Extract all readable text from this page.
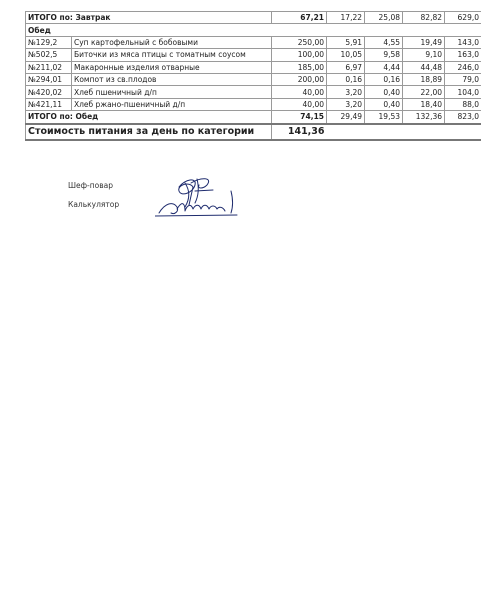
ИТОГО по: Завтрак		67,21	17,22	25,08	82,82	629,0
Обед						
№129,2	Суп картофельный с бобовыми	250,00	5,91	4,55	19,49	143,0
№502,5	Биточки из мяса птицы с томатным соусом	100,00	10,05	9,58	9,10	163,0
№211,02	Макаронные изделия отварные	185,00	6,97	4,44	44,48	246,0
№294,01	Компот из св.плодов	200,00	0,16	0,16	18,89	79,0
№420,02	Хлеб пшеничный д/п	40,00	3,20	0,40	22,00	104,0
№421,11	Хлеб ржано-пшеничный д/п	40,00	3,20	0,40	18,40	88,0
ИТОГО по: Обед		74,15	29,49	19,53	132,36	823,0
Стоимость питания за день по категории		141,36				
Шеф-повар
Калькулятор
